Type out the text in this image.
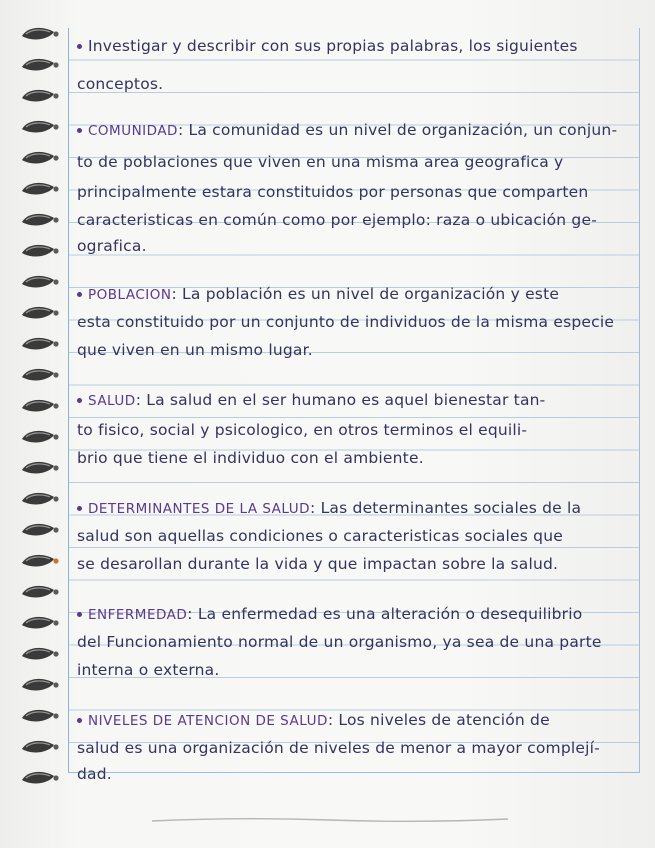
Investigar y describir con sus propias palabras, los siguientes
conceptos.
COMUNIDAD: La comunidad es un nivel de organización, un conjun-
to de poblaciones que viven en una misma area geografica y
principalmente estara constituidos por personas que comparten
caracteristicas en común como por ejemplo: raza o ubicación ge-
ografica.
POBLACION: La población es un nivel de organización y este
esta constituido por un conjunto de individuos de la misma especie
que viven en un mismo lugar.
SALUD: La salud en el ser humano es aquel bienestar tan-
to fisico, social y psicologico, en otros terminos el equili-
brio que tiene el individuo con el ambiente.
DETERMINANTES DE LA SALUD: Las determinantes sociales de la
salud son aquellas condiciones o caracteristicas sociales que
se desarollan durante la vida y que impactan sobre la salud.
ENFERMEDAD: La enfermedad es una alteración o desequilibrio
del Funcionamiento normal de un organismo, ya sea de una parte
interna o externa.
NIVELES DE ATENCION DE SALUD: Los niveles de atención de
salud es una organización de niveles de menor a mayor complejí-
dad.
